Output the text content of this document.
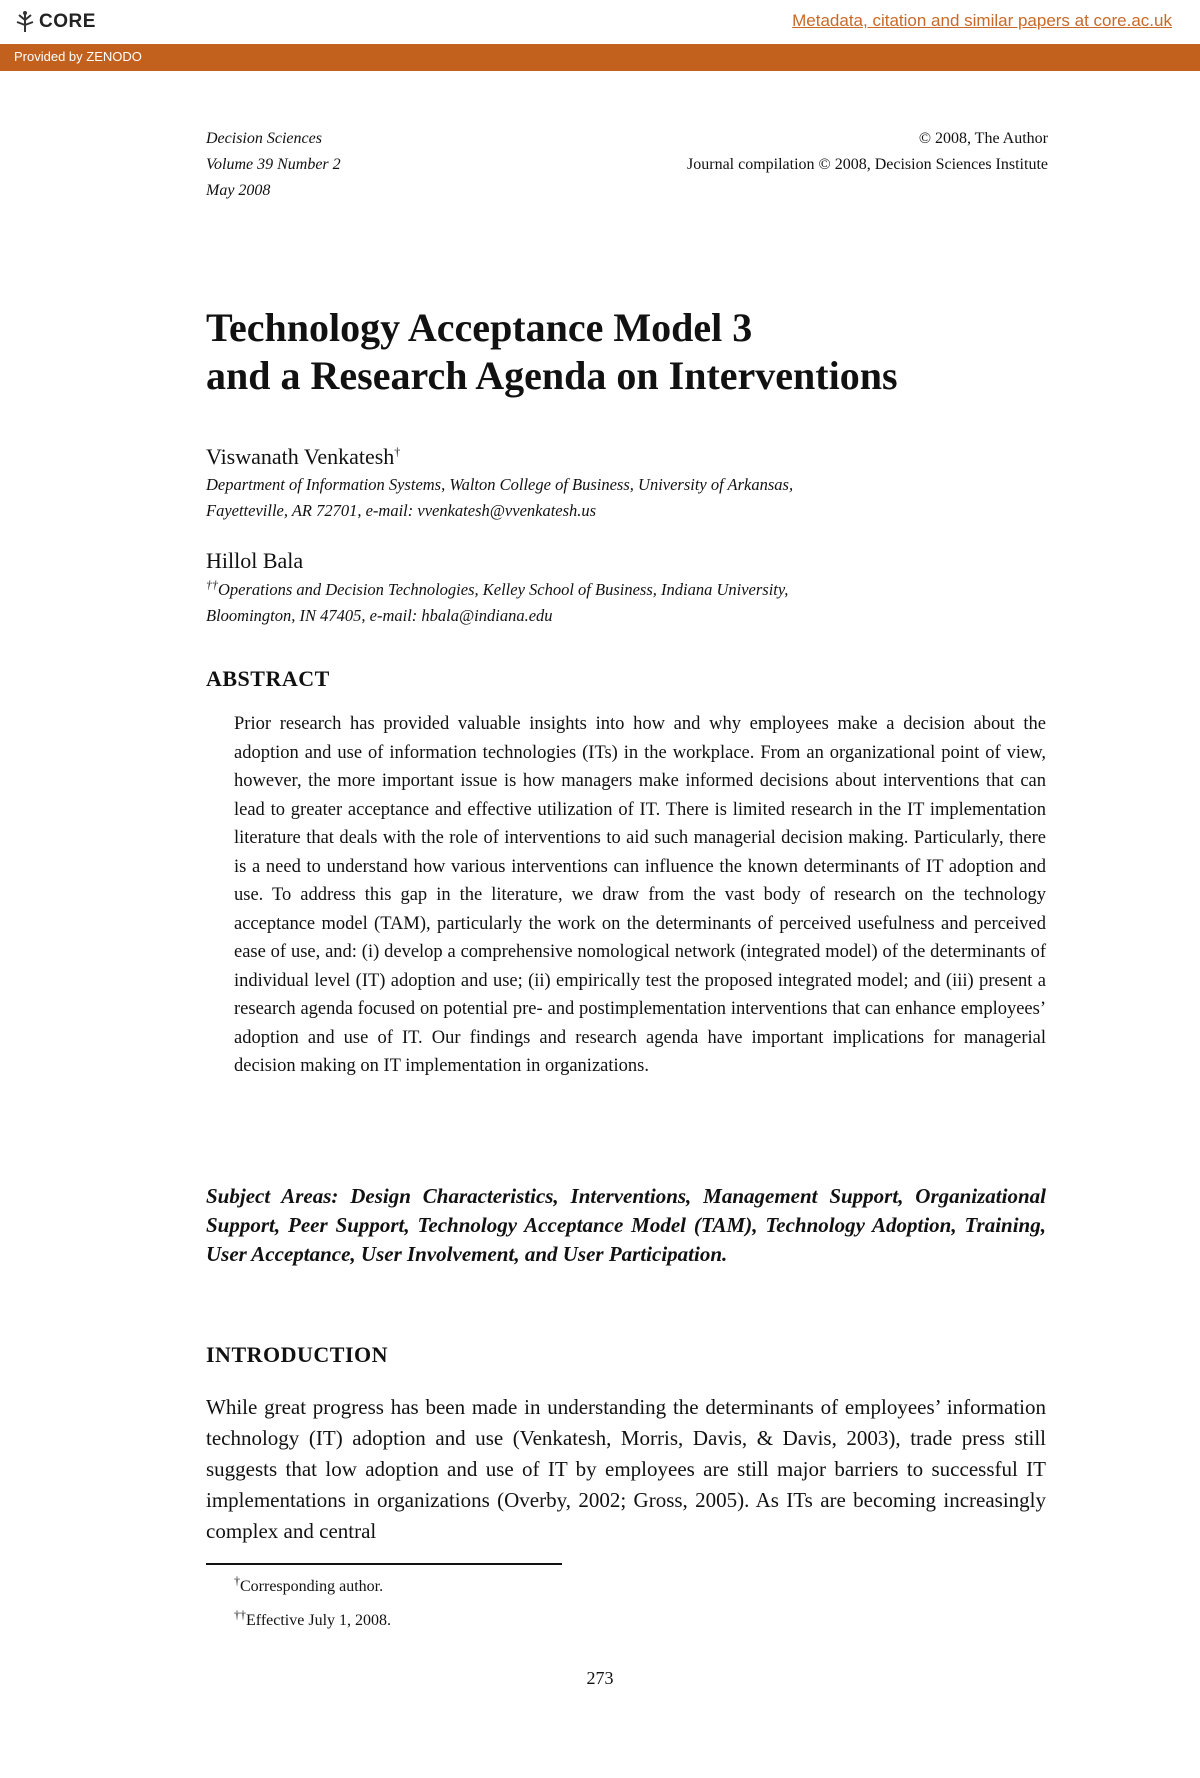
CORE	Metadata, citation and similar papers at core.ac.uk
Provided by ZENODO
Decision Sciences
Volume 39 Number 2
May 2008
© 2008, The Author
Journal compilation © 2008, Decision Sciences Institute
Technology Acceptance Model 3
and a Research Agenda on Interventions
Viswanath Venkatesh†
Department of Information Systems, Walton College of Business, University of Arkansas,
Fayetteville, AR 72701, e-mail: vvenkatesh@vvenkatesh.us
Hillol Bala
††Operations and Decision Technologies, Kelley School of Business, Indiana University,
Bloomington, IN 47405, e-mail: hbala@indiana.edu
ABSTRACT

Prior research has provided valuable insights into how and why employees make a decision about the adoption and use of information technologies (ITs) in the workplace. From an organizational point of view, however, the more important issue is how managers make informed decisions about interventions that can lead to greater acceptance and effective utilization of IT. There is limited research in the IT implementation literature that deals with the role of interventions to aid such managerial decision making. Particularly, there is a need to understand how various interventions can influence the known determinants of IT adoption and use. To address this gap in the literature, we draw from the vast body of research on the technology acceptance model (TAM), particularly the work on the determinants of perceived usefulness and perceived ease of use, and: (i) develop a comprehensive nomological network (integrated model) of the determinants of individual level (IT) adoption and use; (ii) empirically test the proposed integrated model; and (iii) present a research agenda focused on potential pre- and postimplementation interventions that can enhance employees’ adoption and use of IT. Our findings and research agenda have important implications for managerial decision making on IT implementation in organizations.

Subject Areas: Design Characteristics, Interventions, Management Support, Organizational Support, Peer Support, Technology Acceptance Model (TAM), Technology Adoption, Training, User Acceptance, User Involvement, and User Participation.

INTRODUCTION

While great progress has been made in understanding the determinants of employees’ information technology (IT) adoption and use (Venkatesh, Morris, Davis, & Davis, 2003), trade press still suggests that low adoption and use of IT by employees are still major barriers to successful IT implementations in organizations (Overby, 2002; Gross, 2005). As ITs are becoming increasingly complex and central

†Corresponding author.
††Effective July 1, 2008.
273
